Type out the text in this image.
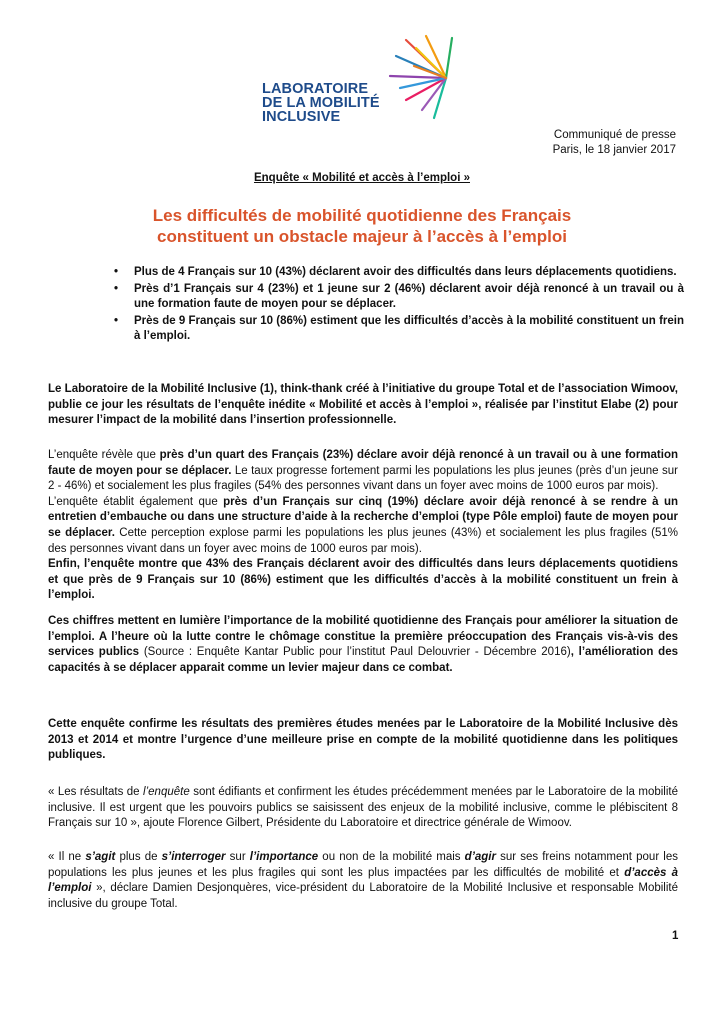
LABORATOIRE
DE LA MOBILITÉ
INCLUSIVE
Communiqué de presse
Paris, le 18 janvier 2017
Enquête « Mobilité et accès à l’emploi »
Les difficultés de mobilité quotidienne des Français
constituent un obstacle majeur à l’accès à l’emploi
• Plus de 4 Français sur 10 (43%) déclarent avoir des difficultés dans leurs déplacements quotidiens.
• Près d’1 Français sur 4 (23%) et 1 jeune sur 2 (46%) déclarent avoir déjà renoncé à un travail ou à une formation faute de moyen pour se déplacer.
• Près de 9 Français sur 10 (86%) estiment que les difficultés d’accès à la mobilité constituent un frein à l’emploi.

Le Laboratoire de la Mobilité Inclusive (1), think-thank créé à l’initiative du groupe Total et de l’association Wimoov, publie ce jour les résultats de l’enquête inédite « Mobilité et accès à l’emploi », réalisée par l’institut Elabe (2) pour mesurer l’impact de la mobilité dans l’insertion professionnelle.

L’enquête révèle que près d’un quart des Français (23%) déclare avoir déjà renoncé à un travail ou à une formation faute de moyen pour se déplacer. Le taux progresse fortement parmi les populations les plus jeunes (près d’un jeune sur 2 - 46%) et socialement les plus fragiles (54% des personnes vivant dans un foyer avec moins de 1000 euros par mois).
L’enquête établit également que près d’un Français sur cinq (19%) déclare avoir déjà renoncé à se rendre à un entretien d’embauche ou dans une structure d’aide à la recherche d’emploi (type Pôle emploi) faute de moyen pour se déplacer. Cette perception explose parmi les populations les plus jeunes (43%) et socialement les plus fragiles (51% des personnes vivant dans un foyer avec moins de 1000 euros par mois).
Enfin, l’enquête montre que 43% des Français déclarent avoir des difficultés dans leurs déplacements quotidiens et que près de 9 Français sur 10 (86%) estiment que les difficultés d’accès à la mobilité constituent un frein à l’emploi.

Ces chiffres mettent en lumière l’importance de la mobilité quotidienne des Français pour améliorer la situation de l’emploi. A l’heure où la lutte contre le chômage constitue la première préoccupation des Français vis-à-vis des services publics (Source : Enquête Kantar Public pour l’institut Paul Delouvrier - Décembre 2016), l’amélioration des capacités à se déplacer apparait comme un levier majeur dans ce combat.

Cette enquête confirme les résultats des premières études menées par le Laboratoire de la Mobilité Inclusive dès 2013 et 2014 et montre l’urgence d’une meilleure prise en compte de la mobilité quotidienne dans les politiques publiques.

« Les résultats de l’enquête sont édifiants et confirment les études précédemment menées par le Laboratoire de la mobilité inclusive. Il est urgent que les pouvoirs publics se saisissent des enjeux de la mobilité inclusive, comme le plébiscitent 8 Français sur 10 », ajoute Florence Gilbert, Présidente du Laboratoire et directrice générale de Wimoov.

« Il ne s’agit plus de s’interroger sur l’importance ou non de la mobilité mais d’agir sur ses freins notamment pour les populations les plus jeunes et les plus fragiles qui sont les plus impactées par les difficultés de mobilité et d’accès à l’emploi », déclare Damien Desjonquères, vice-président du Laboratoire de la Mobilité Inclusive et responsable Mobilité inclusive du groupe Total.

1
